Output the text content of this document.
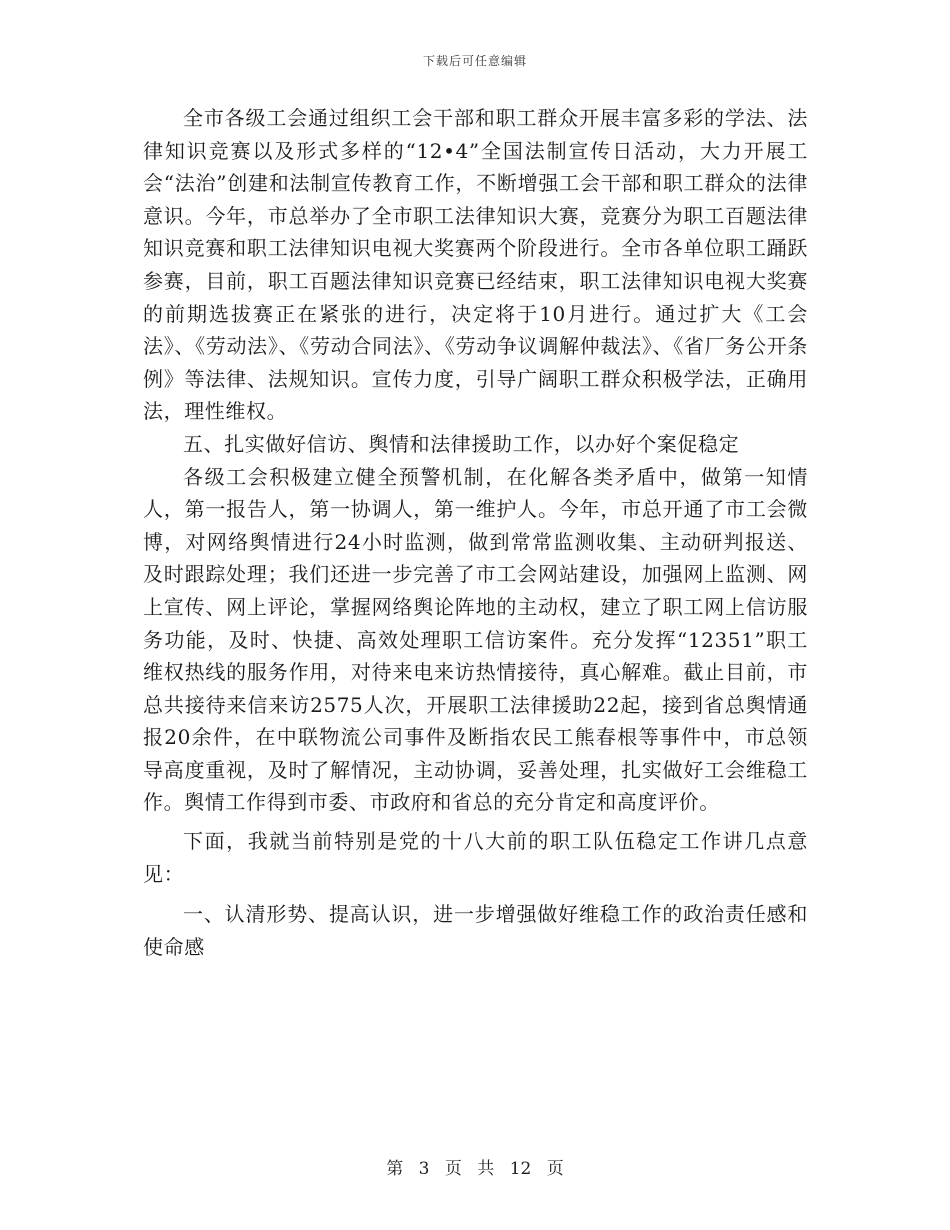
下载后可任意编辑

全市各级工会通过组织工会干部和职工群众开展丰富多彩的学法、法律知识竞赛以及形式多样的“12•4”全国法制宣传日活动，大力开展工会“法治”创建和法制宣传教育工作，不断增强工会干部和职工群众的法律意识。今年，市总举办了全市职工法律知识大赛，竞赛分为职工百题法律知识竞赛和职工法律知识电视大奖赛两个阶段进行。全市各单位职工踊跃参赛，目前，职工百题法律知识竞赛已经结束，职工法律知识电视大奖赛的前期选拔赛正在紧张的进行，决定将于10月进行。通过扩大《工会法》、《劳动法》、《劳动合同法》、《劳动争议调解仲裁法》、《省厂务公开条例》等法律、法规知识。宣传力度，引导广阔职工群众积极学法，正确用法，理性维权。

五、扎实做好信访、舆情和法律援助工作，以办好个案促稳定

各级工会积极建立健全预警机制，在化解各类矛盾中，做第一知情人，第一报告人，第一协调人，第一维护人。今年，市总开通了市工会微博，对网络舆情进行24小时监测，做到常常监测收集、主动研判报送、及时跟踪处理；我们还进一步完善了市工会网站建设，加强网上监测、网上宣传、网上评论，掌握网络舆论阵地的主动权，建立了职工网上信访服务功能，及时、快捷、高效处理职工信访案件。充分发挥“12351”职工维权热线的服务作用，对待来电来访热情接待，真心解难。截止目前，市总共接待来信来访2575人次，开展职工法律援助22起，接到省总舆情通报20余件，在中联物流公司事件及断指农民工熊春根等事件中，市总领导高度重视，及时了解情况，主动协调，妥善处理，扎实做好工会维稳工作。舆情工作得到市委、市政府和省总的充分肯定和高度评价。

下面，我就当前特别是党的十八大前的职工队伍稳定工作讲几点意见：

一、认清形势、提高认识，进一步增强做好维稳工作的政治责任感和使命感

第 3 页 共 12 页
